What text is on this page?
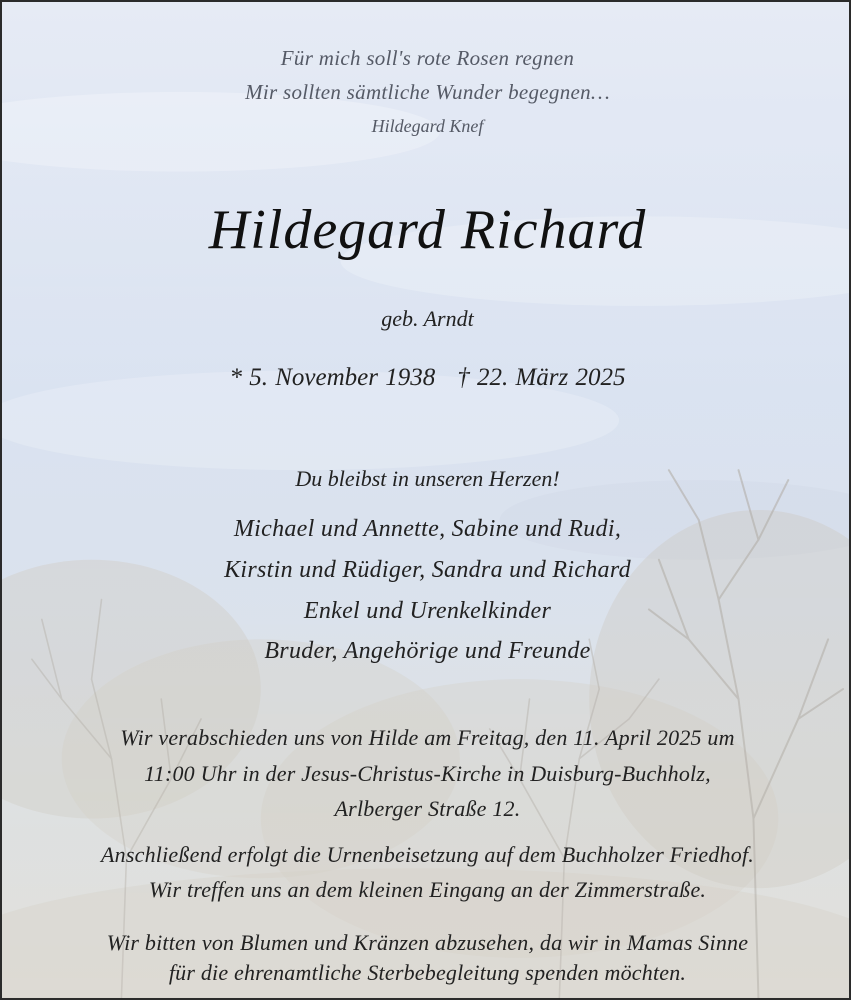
Für mich soll's rote Rosen regnen
Mir sollten sämtliche Wunder begegnen…
Hildegard Knef
Hildegard Richard
geb. Arndt
* 5. November 1938 † 22. März 2025
Du bleibst in unseren Herzen!
Michael und Annette, Sabine und Rudi,
Kirstin und Rüdiger, Sandra und Richard
Enkel und Urenkelkinder
Bruder, Angehörige und Freunde
Wir verabschieden uns von Hilde am Freitag, den 11. April 2025 um
11:00 Uhr in der Jesus-Christus-Kirche in Duisburg-Buchholz,
Arlberger Straße 12.
Anschließend erfolgt die Urnenbeisetzung auf dem Buchholzer Friedhof.
Wir treffen uns an dem kleinen Eingang an der Zimmerstraße.
Wir bitten von Blumen und Kränzen abzusehen, da wir in Mamas Sinne
für die ehrenamtliche Sterbebegleitung spenden möchten.
